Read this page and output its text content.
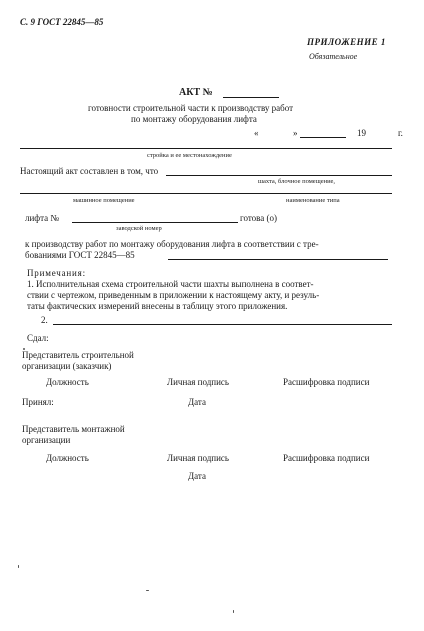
С. 9 ГОСТ 22845—85
ПРИЛОЖЕНИЕ 1
Обязательное
АКТ №
готовности строительной части к производству работ
по монтажу оборудования лифта
«	»	19	г.
стройка и ее местонахождение
Настоящий акт составлен в том, что
шахта, блочное помещение,
машинное помещение	наименование типа
лифта №	готова (о)
заводской номер
к производству работ по монтажу оборудования лифта в соответствии с тре-
бованиями ГОСТ 22845—85
Примечания:
1. Исполнительная схема строительной части шахты выполнена в соответ-
ствии с чертежом, приведенным в приложении к настоящему акту, и резуль-
таты фактических измерений внесены в таблицу этого приложения.
2.
Сдал:
Представитель строительной
организации (заказчик)
Должность	Личная подпись	Расшифровка подписи
Принял:	Дата
Представитель монтажной
организации
Должность	Личная подпись	Расшифровка подписи
Дата
